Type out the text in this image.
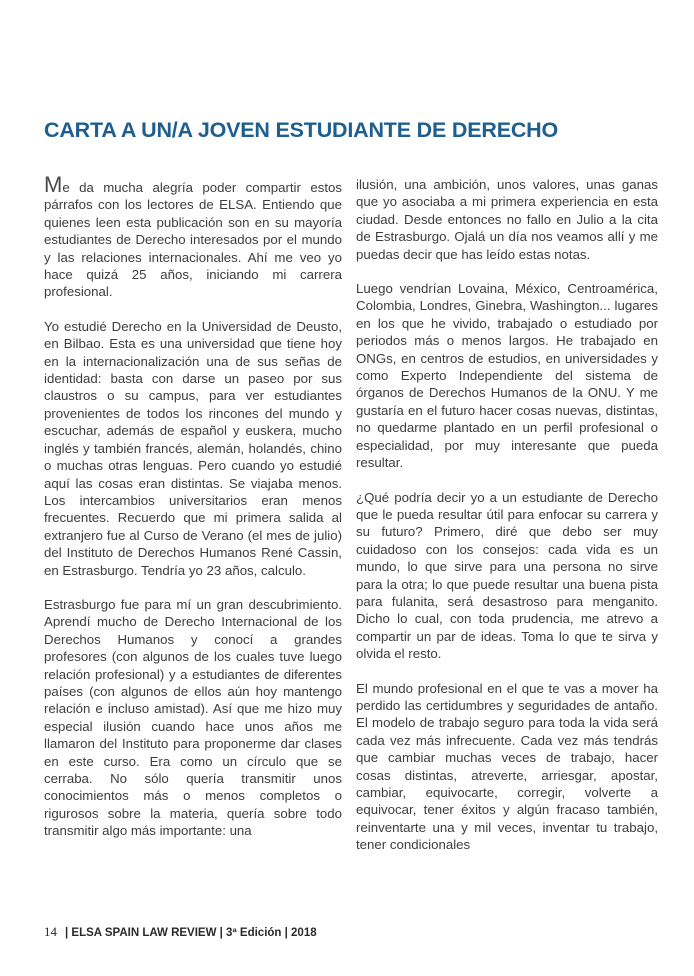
CARTA A UN/A JOVEN ESTUDIANTE DE DERECHO

Me da mucha alegría poder compartir estos párrafos con los lectores de ELSA. Entiendo que quienes leen esta publicación son en su mayoría estudiantes de Derecho interesados por el mundo y las relaciones internacionales. Ahí me veo yo hace quizá 25 años, iniciando mi carrera profesional.

Yo estudié Derecho en la Universidad de Deusto, en Bilbao. Esta es una universidad que tiene hoy en la internacionalización una de sus señas de identidad: basta con darse un paseo por sus claustros o su campus, para ver estudiantes provenientes de todos los rincones del mundo y escuchar, además de español y euskera, mucho inglés y también francés, alemán, holandés, chino o muchas otras lenguas. Pero cuando yo estudié aquí las cosas eran distintas. Se viajaba menos. Los intercambios universitarios eran menos frecuentes. Recuerdo que mi primera salida al extranjero fue al Curso de Verano (el mes de julio) del Instituto de Derechos Humanos René Cassin, en Estrasburgo. Tendría yo 23 años, calculo.

Estrasburgo fue para mí un gran descubrimiento. Aprendí mucho de Derecho Internacional de los Derechos Humanos y conocí a grandes profesores (con algunos de los cuales tuve luego relación profesional) y a estudiantes de diferentes países (con algunos de ellos aún hoy mantengo relación e incluso amistad). Así que me hizo muy especial ilusión cuando hace unos años me llamaron del Instituto para proponerme dar clases en este curso. Era como un círculo que se cerraba. No sólo quería transmitir unos conocimientos más o menos completos o rigurosos sobre la materia, quería sobre todo transmitir algo más importante: una

ilusión, una ambición, unos valores, unas ganas que yo asociaba a mi primera experiencia en esta ciudad. Desde entonces no fallo en Julio a la cita de Estrasburgo. Ojalá un día nos veamos allí y me puedas decir que has leído estas notas.

Luego vendrían Lovaina, México, Centroamérica, Colombia, Londres, Ginebra, Washington... lugares en los que he vivido, trabajado o estudiado por periodos más o menos largos. He trabajado en ONGs, en centros de estudios, en universidades y como Experto Independiente del sistema de órganos de Derechos Humanos de la ONU. Y me gustaría en el futuro hacer cosas nuevas, distintas, no quedarme plantado en un perfil profesional o especialidad, por muy interesante que pueda resultar.

¿Qué podría decir yo a un estudiante de Derecho que le pueda resultar útil para enfocar su carrera y su futuro? Primero, diré que debo ser muy cuidadoso con los consejos: cada vida es un mundo, lo que sirve para una persona no sirve para la otra; lo que puede resultar una buena pista para fulanita, será desastroso para menganito. Dicho lo cual, con toda prudencia, me atrevo a compartir un par de ideas. Toma lo que te sirva y olvida el resto.

El mundo profesional en el que te vas a mover ha perdido las certidumbres y seguridades de antaño. El modelo de trabajo seguro para toda la vida será cada vez más infrecuente. Cada vez más tendrás que cambiar muchas veces de trabajo, hacer cosas distintas, atreverte, arriesgar, apostar, cambiar, equivocarte, corregir, volverte a equivocar, tener éxitos y algún fracaso también, reinventarte una y mil veces, inventar tu trabajo, tener condicionales

14 | ELSA SPAIN LAW REVIEW | 3ª Edición | 2018
